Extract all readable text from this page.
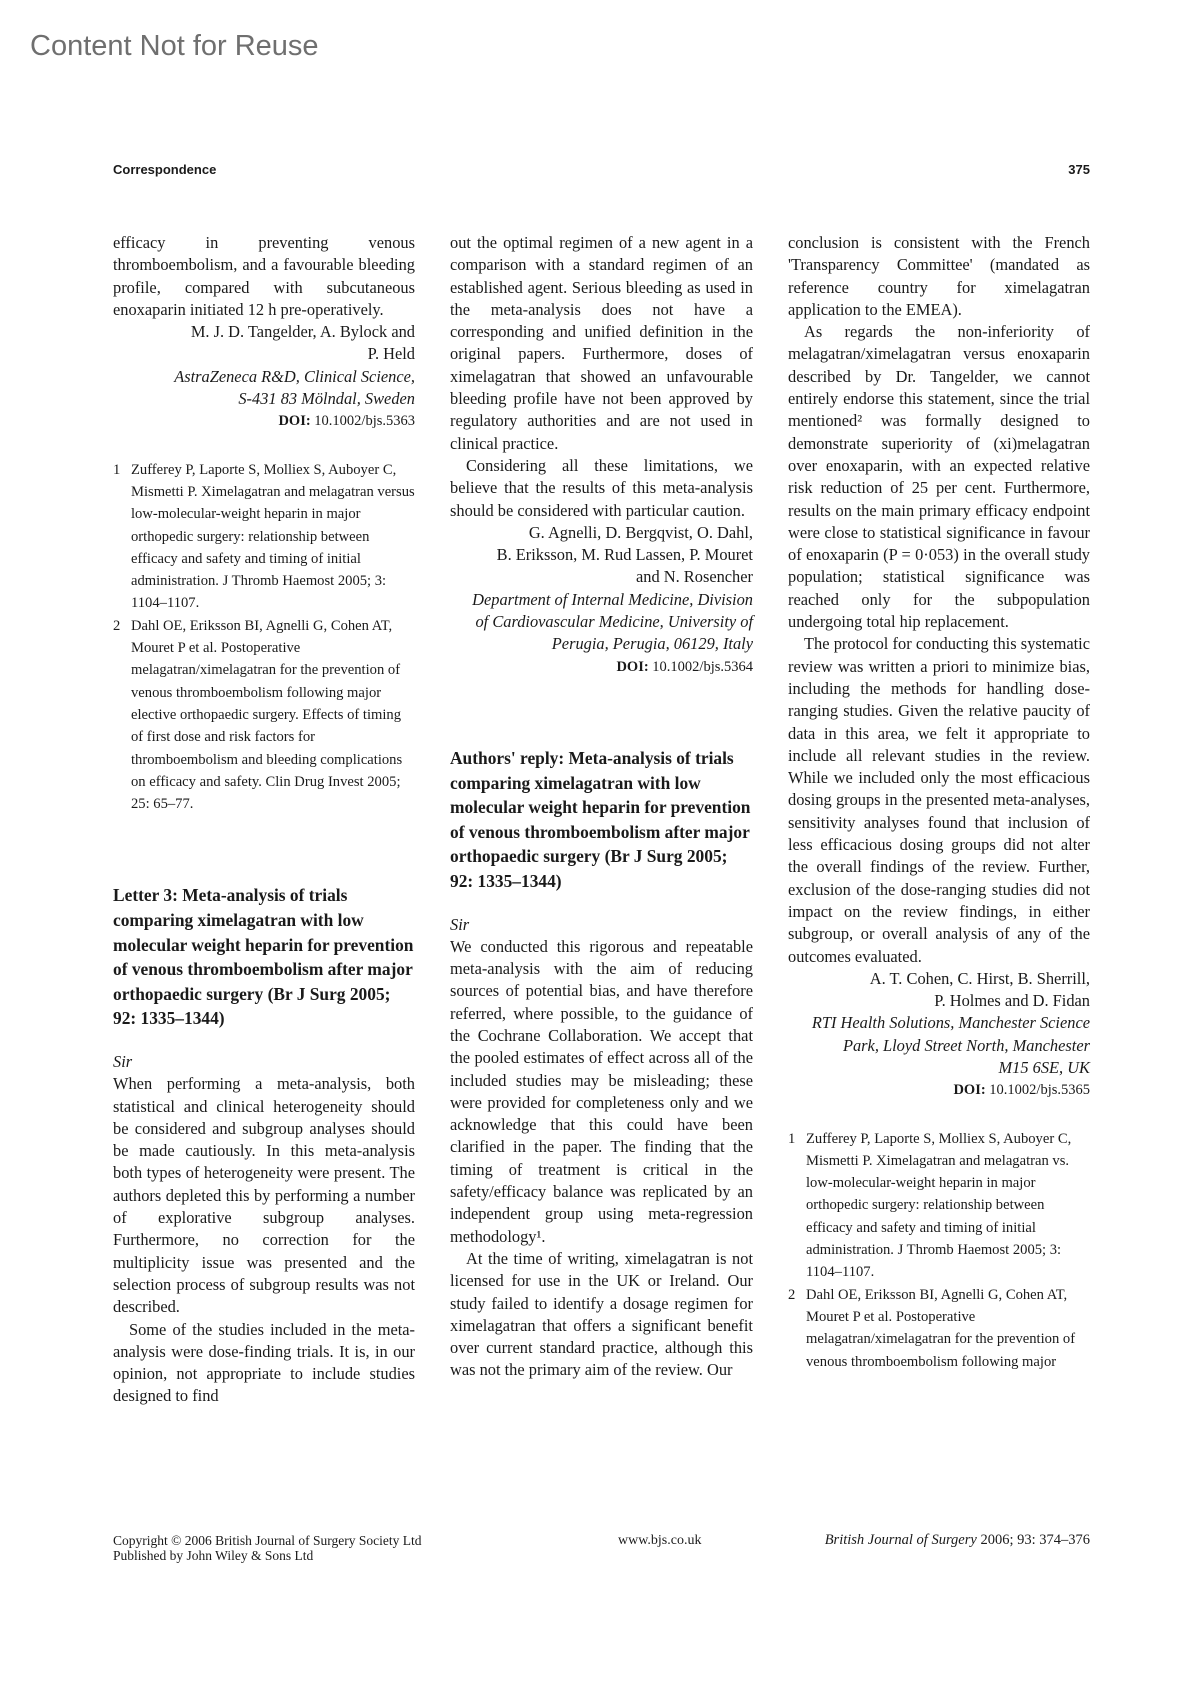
Content Not for Reuse
Correspondence	375

efficacy in preventing venous thromboembolism, and a favourable bleeding profile, compared with subcutaneous enoxaparin initiated 12 h pre-operatively.

M. J. D. Tangelder, A. Bylock and

P. Held

AstraZeneca R&D, Clinical Science,

S-431 83 Mölndal, Sweden

DOI: 10.1002/bjs.5363

1 Zufferey P, Laporte S, Molliex S, Auboyer C, Mismetti P. Ximelagatran and melagatran versus low-molecular-weight heparin in major orthopedic surgery: relationship between efficacy and safety and timing of initial administration. J Thromb Haemost 2005; 3: 1104–1107.
2 Dahl OE, Eriksson BI, Agnelli G, Cohen AT, Mouret P et al. Postoperative melagatran/ximelagatran for the prevention of venous thromboembolism following major elective orthopaedic surgery. Effects of timing of first dose and risk factors for thromboembolism and bleeding complications on efficacy and safety. Clin Drug Invest 2005; 25: 65–77.
Letter 3: Meta-analysis of trials comparing ximelagatran with low molecular weight heparin for prevention of venous thromboembolism after major orthopaedic surgery (Br J Surg 2005; 92: 1335–1344)

Sir

When performing a meta-analysis, both statistical and clinical heterogeneity should be considered and subgroup analyses should be made cautiously. In this meta-analysis both types of heterogeneity were present. The authors depleted this by performing a number of explorative subgroup analyses. Furthermore, no correction for the multiplicity issue was presented and the selection process of subgroup results was not described.

Some of the studies included in the meta-analysis were dose-finding trials. It is, in our opinion, not appropriate to include studies designed to find

out the optimal regimen of a new agent in a comparison with a standard regimen of an established agent. Serious bleeding as used in the meta-analysis does not have a corresponding and unified definition in the original papers. Furthermore, doses of ximelagatran that showed an unfavourable bleeding profile have not been approved by regulatory authorities and are not used in clinical practice.

Considering all these limitations, we believe that the results of this meta-analysis should be considered with particular caution.

G. Agnelli, D. Bergqvist, O. Dahl,

B. Eriksson, M. Rud Lassen, P. Mouret

and N. Rosencher

Department of Internal Medicine, Division

of Cardiovascular Medicine, University of

Perugia, Perugia, 06129, Italy

DOI: 10.1002/bjs.5364

Authors' reply: Meta-analysis of trials comparing ximelagatran with low molecular weight heparin for prevention of venous thromboembolism after major orthopaedic surgery (Br J Surg 2005; 92: 1335–1344)

Sir

We conducted this rigorous and repeatable meta-analysis with the aim of reducing sources of potential bias, and have therefore referred, where possible, to the guidance of the Cochrane Collaboration. We accept that the pooled estimates of effect across all of the included studies may be misleading; these were provided for completeness only and we acknowledge that this could have been clarified in the paper. The finding that the timing of treatment is critical in the safety/efficacy balance was replicated by an independent group using meta-regression methodology¹.

At the time of writing, ximelagatran is not licensed for use in the UK or Ireland. Our study failed to identify a dosage regimen for ximelagatran that offers a significant benefit over current standard practice, although this was not the primary aim of the review. Our

conclusion is consistent with the French 'Transparency Committee' (mandated as reference country for ximelagatran application to the EMEA).

As regards the non-inferiority of melagatran/ximelagatran versus enoxaparin described by Dr. Tangelder, we cannot entirely endorse this statement, since the trial mentioned² was formally designed to demonstrate superiority of (xi)melagatran over enoxaparin, with an expected relative risk reduction of 25 per cent. Furthermore, results on the main primary efficacy endpoint were close to statistical significance in favour of enoxaparin (P = 0·053) in the overall study population; statistical significance was reached only for the subpopulation undergoing total hip replacement.

The protocol for conducting this systematic review was written a priori to minimize bias, including the methods for handling dose-ranging studies. Given the relative paucity of data in this area, we felt it appropriate to include all relevant studies in the review. While we included only the most efficacious dosing groups in the presented meta-analyses, sensitivity analyses found that inclusion of less efficacious dosing groups did not alter the overall findings of the review. Further, exclusion of the dose-ranging studies did not impact on the review findings, in either subgroup, or overall analysis of any of the outcomes evaluated.

A. T. Cohen, C. Hirst, B. Sherrill,

P. Holmes and D. Fidan

RTI Health Solutions, Manchester Science

Park, Lloyd Street North, Manchester

M15 6SE, UK

DOI: 10.1002/bjs.5365

1 Zufferey P, Laporte S, Molliex S, Auboyer C, Mismetti P. Ximelagatran and melagatran vs. low-molecular-weight heparin in major orthopedic surgery: relationship between efficacy and safety and timing of initial administration. J Thromb Haemost 2005; 3: 1104–1107.
2 Dahl OE, Eriksson BI, Agnelli G, Cohen AT, Mouret P et al. Postoperative melagatran/ximelagatran for the prevention of venous thromboembolism following major
Copyright © 2006 British Journal of Surgery Society Ltd
Published by John Wiley & Sons Ltd
www.bjs.co.uk	British Journal of Surgery 2006; 93: 374–376
